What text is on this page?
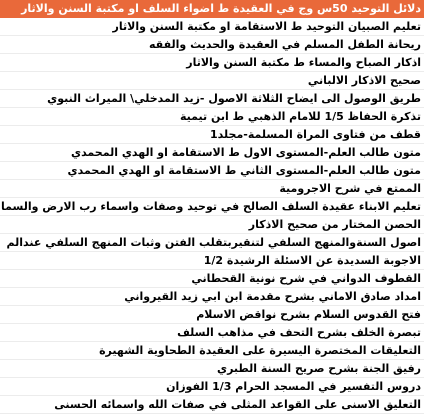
دلائل التوحيد 50س وج في العقيدة ط اضواء السلف او مكتبة السنن والاثار
تعليم الصبيان التوحيد ط الاستقامة او مكتبة السنن والاثار
ريحانة الطفل المسلم في العقيدة والحديث والفقه
اذكار الصباح والمساء ط مكتبة السنن والاثار
صحيح الاذكار الالباني
طريق الوصول الى ايضاح الثلاثة الاصول -زيد المدخلي\ الميراث النبوي
تذكرة الحفاظ 1/5 للامام الذهبي ط ابن تيمية
قطف من فتاوى المراة المسلمة-مجلد1
متون طالب العلم-المستوى الاول ط الاستقامة او الهدي المحمدي
متون طالب العلم-المستوى الثاني ط الاستقامة او الهدي المحمدي
الممتع في شرح الاجرومية
تعليم الابناء عقيدة السلف الصالح في توحيد وصفات واسماء رب الارض والسما
الحصن المختار من صحيح الاذكار
اصول السنةوالمنهج السلفي لتنقيربتقلب الفتن وثبات المنهج السلفي عندالم
الاجوبة السديدة عن الاسئلة الرشيدة 1/2
القطوف الدواني في شرح نونية القحطاني
امداد صادق الاماني بشرح مقدمة ابن ابي زيد القيرواني
فتح القدوس السلام بشرح نواقض الاسلام
تبصرة الخلف بشرح التحف في مذاهب السلف
التعليقات المختصرة اليسيرة على العقيدة الطحاوية الشهيرة
رفيق الجنة بشرح صريح السنة الطبري
دروس التفسير في المسجد الحرام 1/3 الفوزان
التعليق الاسنى على القواعد المثلى في صفات الله واسمائه الحسنى
